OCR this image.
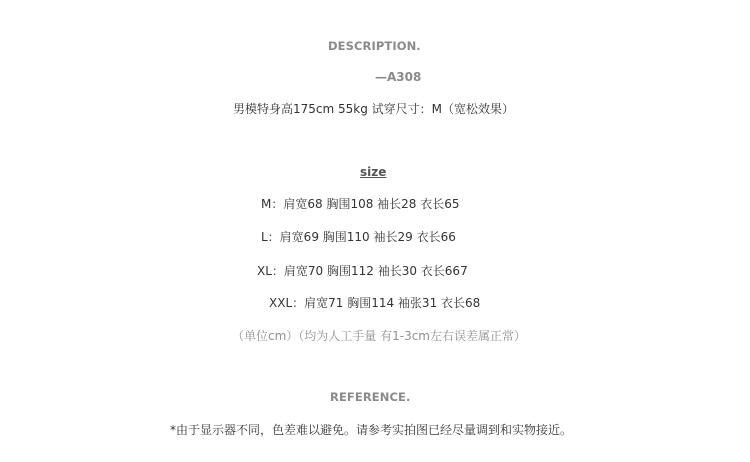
DESCRIPTION.
—A308
男模特身高175cm 55kg 试穿尺寸：M（宽松效果）
size
M：肩宽68 胸围108 袖长28 衣长65
L：肩宽69 胸围110 袖长29 衣长66
XL：肩宽70 胸围112 袖长30 衣长667
XXL：肩宽71 胸围114 袖张31 衣长68
（单位cm）（均为人工手量 有1-3cm左右误差属正常）
REFERENCE.
*由于显示器不同，色差难以避免。请参考实拍图已经尽量调到和实物接近。
